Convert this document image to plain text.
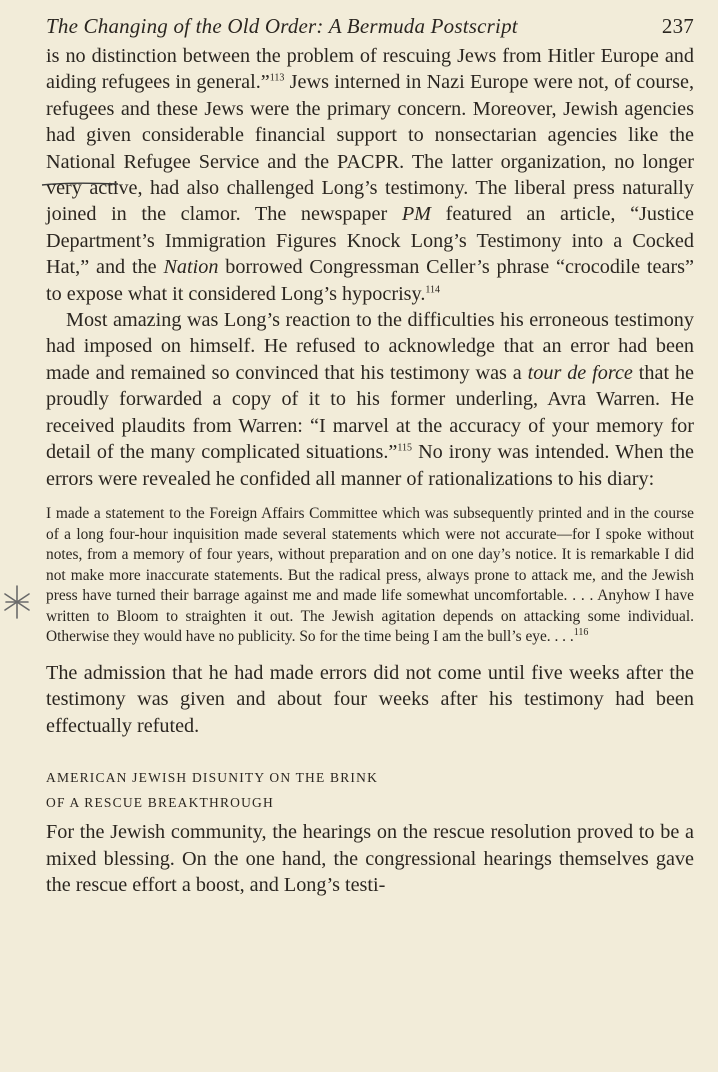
The Changing of the Old Order: A Bermuda Postscript	237

is no distinction between the problem of rescuing Jews from Hitler Europe and aiding refugees in general.”$^{113}$ Jews interned in Nazi Europe were not, of course, refugees and these Jews were the primary concern. Moreover, Jewish agencies had given considerable financial support to nonsectarian agencies like the National Refugee Service and the PACPR. The latter organization, no longer very active, had also challenged Long’s testimony. The liberal press naturally joined in the clamor. The newspaper PM featured an article, “Justice Department’s Immigration Figures Knock Long’s Testimony into a Cocked Hat,” and the Nation borrowed Congressman Celler’s phrase “crocodile tears” to expose what it considered Long’s hypocrisy.$^{114}$

Most amazing was Long’s reaction to the difficulties his erroneous testimony had imposed on himself. He refused to acknowledge that an error had been made and remained so convinced that his testimony was a tour de force that he proudly forwarded a copy of it to his former underling, Avra Warren. He received plaudits from Warren: “I marvel at the accuracy of your memory for detail of the many complicated situations.”$^{115}$ No irony was intended. When the errors were revealed he confided all manner of rationalizations to his diary:

I made a statement to the Foreign Affairs Committee which was subsequently printed and in the course of a long four-hour inquisition made several statements which were not accurate—for I spoke without notes, from a memory of four years, without preparation and on one day’s notice. It is remarkable I did not make more inaccurate statements. But the radical press, always prone to attack me, and the Jewish press have turned their barrage against me and made life somewhat uncomfortable. . . . Anyhow I have written to Bloom to straighten it out. The Jewish agitation depends on attacking some individual. Otherwise they would have no publicity. So for the time being I am the bull’s eye. . . .$^{116}$

The admission that he had made errors did not come until five weeks after the testimony was given and about four weeks after his testimony had been effectually refuted.

AMERICAN JEWISH DISUNITY ON THE BRINK
OF A RESCUE BREAKTHROUGH

For the Jewish community, the hearings on the rescue resolution proved to be a mixed blessing. On the one hand, the congressional hearings themselves gave the rescue effort a boost, and Long’s testi-
